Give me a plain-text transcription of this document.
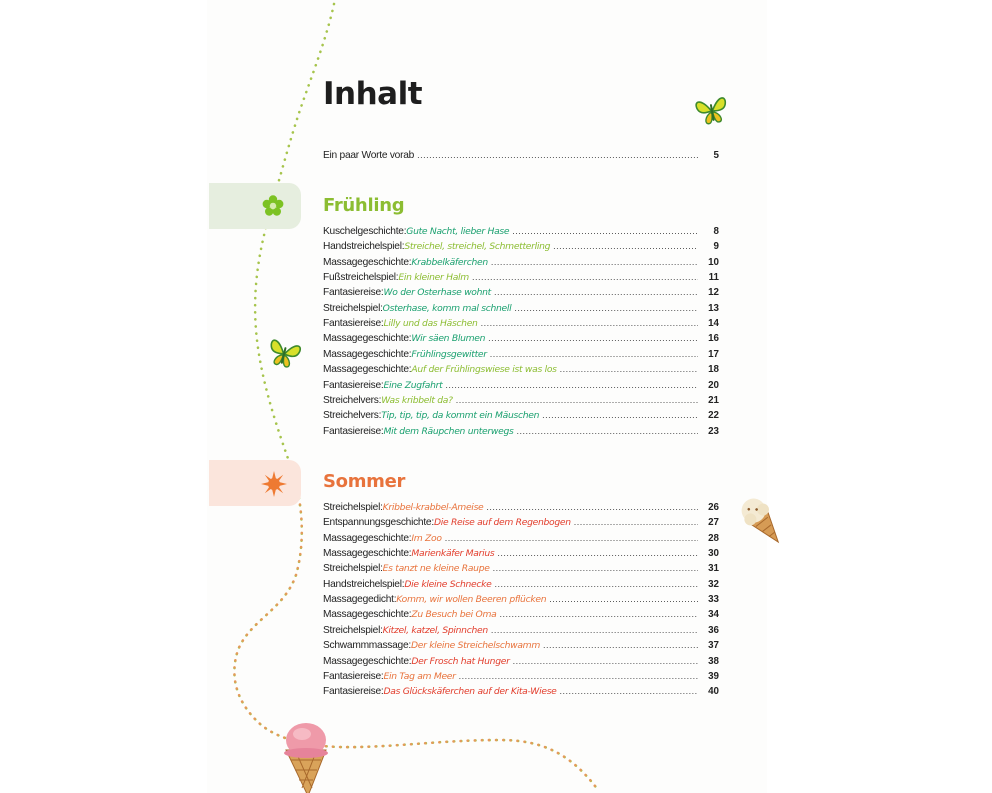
Inhalt
Ein paar Worte vorab .....	5
Frühling
Kuschelgeschichte: Gute Nacht, lieber Hase .....	8
Handstreichelspiel: Streichel, streichel, Schmetterling .....	9
Massagegeschichte: Krabbelkäferchen .....	10
Fußstreichelspiel: Ein kleiner Halm .....	11
Fantasiereise: Wo der Osterhase wohnt .....	12
Streichelspiel: Osterhase, komm mal schnell .....	13
Fantasiereise: Lilly und das Häschen .....	14
Massagegeschichte: Wir säen Blumen .....	16
Massagegeschichte: Frühlingsgewitter .....	17
Massagegeschichte: Auf der Frühlingswiese ist was los .....	18
Fantasiereise: Eine Zugfahrt .....	20
Streichelvers: Was kribbelt da? .....	21
Streichelvers: Tip, tip, tip, da kommt ein Mäuschen .....	22
Fantasiereise: Mit dem Räupchen unterwegs .....	23
Sommer
Streichelspiel: Kribbel-krabbel-Ameise .....	26
Entspannungsgeschichte: Die Reise auf dem Regenbogen .....	27
Massagegeschichte: Im Zoo .....	28
Massagegeschichte: Marienkäfer Marius .....	30
Streichelspiel: Es tanzt ne kleine Raupe .....	31
Handstreichelspiel: Die kleine Schnecke .....	32
Massagegedicht: Komm, wir wollen Beeren pflücken .....	33
Massagegeschichte: Zu Besuch bei Oma .....	34
Streichelspiel: Kitzel, katzel, Spinnchen .....	36
Schwammmassage: Der kleine Streichelschwamm .....	37
Massagegeschichte: Der Frosch hat Hunger .....	38
Fantasiereise: Ein Tag am Meer .....	39
Fantasiereise: Das Glückskäferchen auf der Kita-Wiese .....	40
